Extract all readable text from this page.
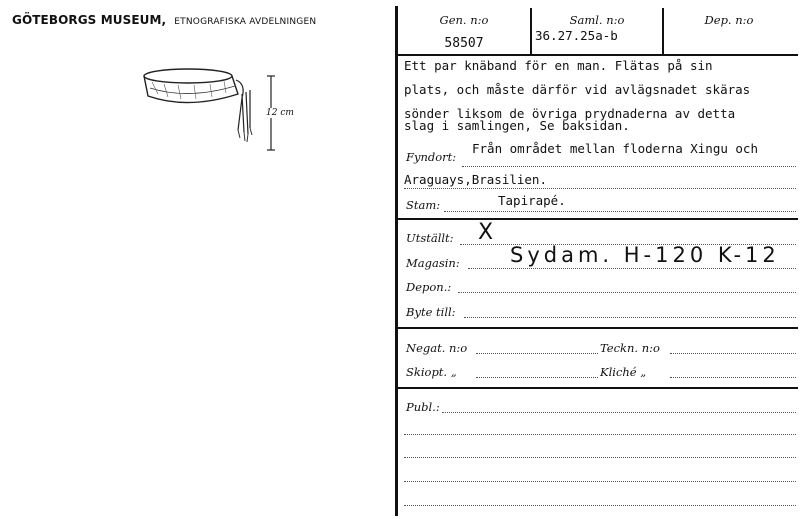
GÖTEBORGS MUSEUM, ETNOGRAFISKA AVDELNINGEN
12 cm
Gen. n:o
58507
Saml. n:o
36.27.25a-b
Dep. n:o
Ett par knäband för en man. Flätas på sin
plats, och måste därför vid avlägsnadet skäras
sönder liksom de övriga prydnaderna av detta
slag i samlingen, Se baksidan.
Fyndort:
Från området mellan floderna Xingu och
Araguays,Brasilien.
Stam:	Tapirapé.
Utställt: X
Magasin: Sydam. H-120 K-12
Depon.:
Byte till:
Negat. n:o	Teckn. n:o
Skiopt. „	Kliché „
Publ.:
